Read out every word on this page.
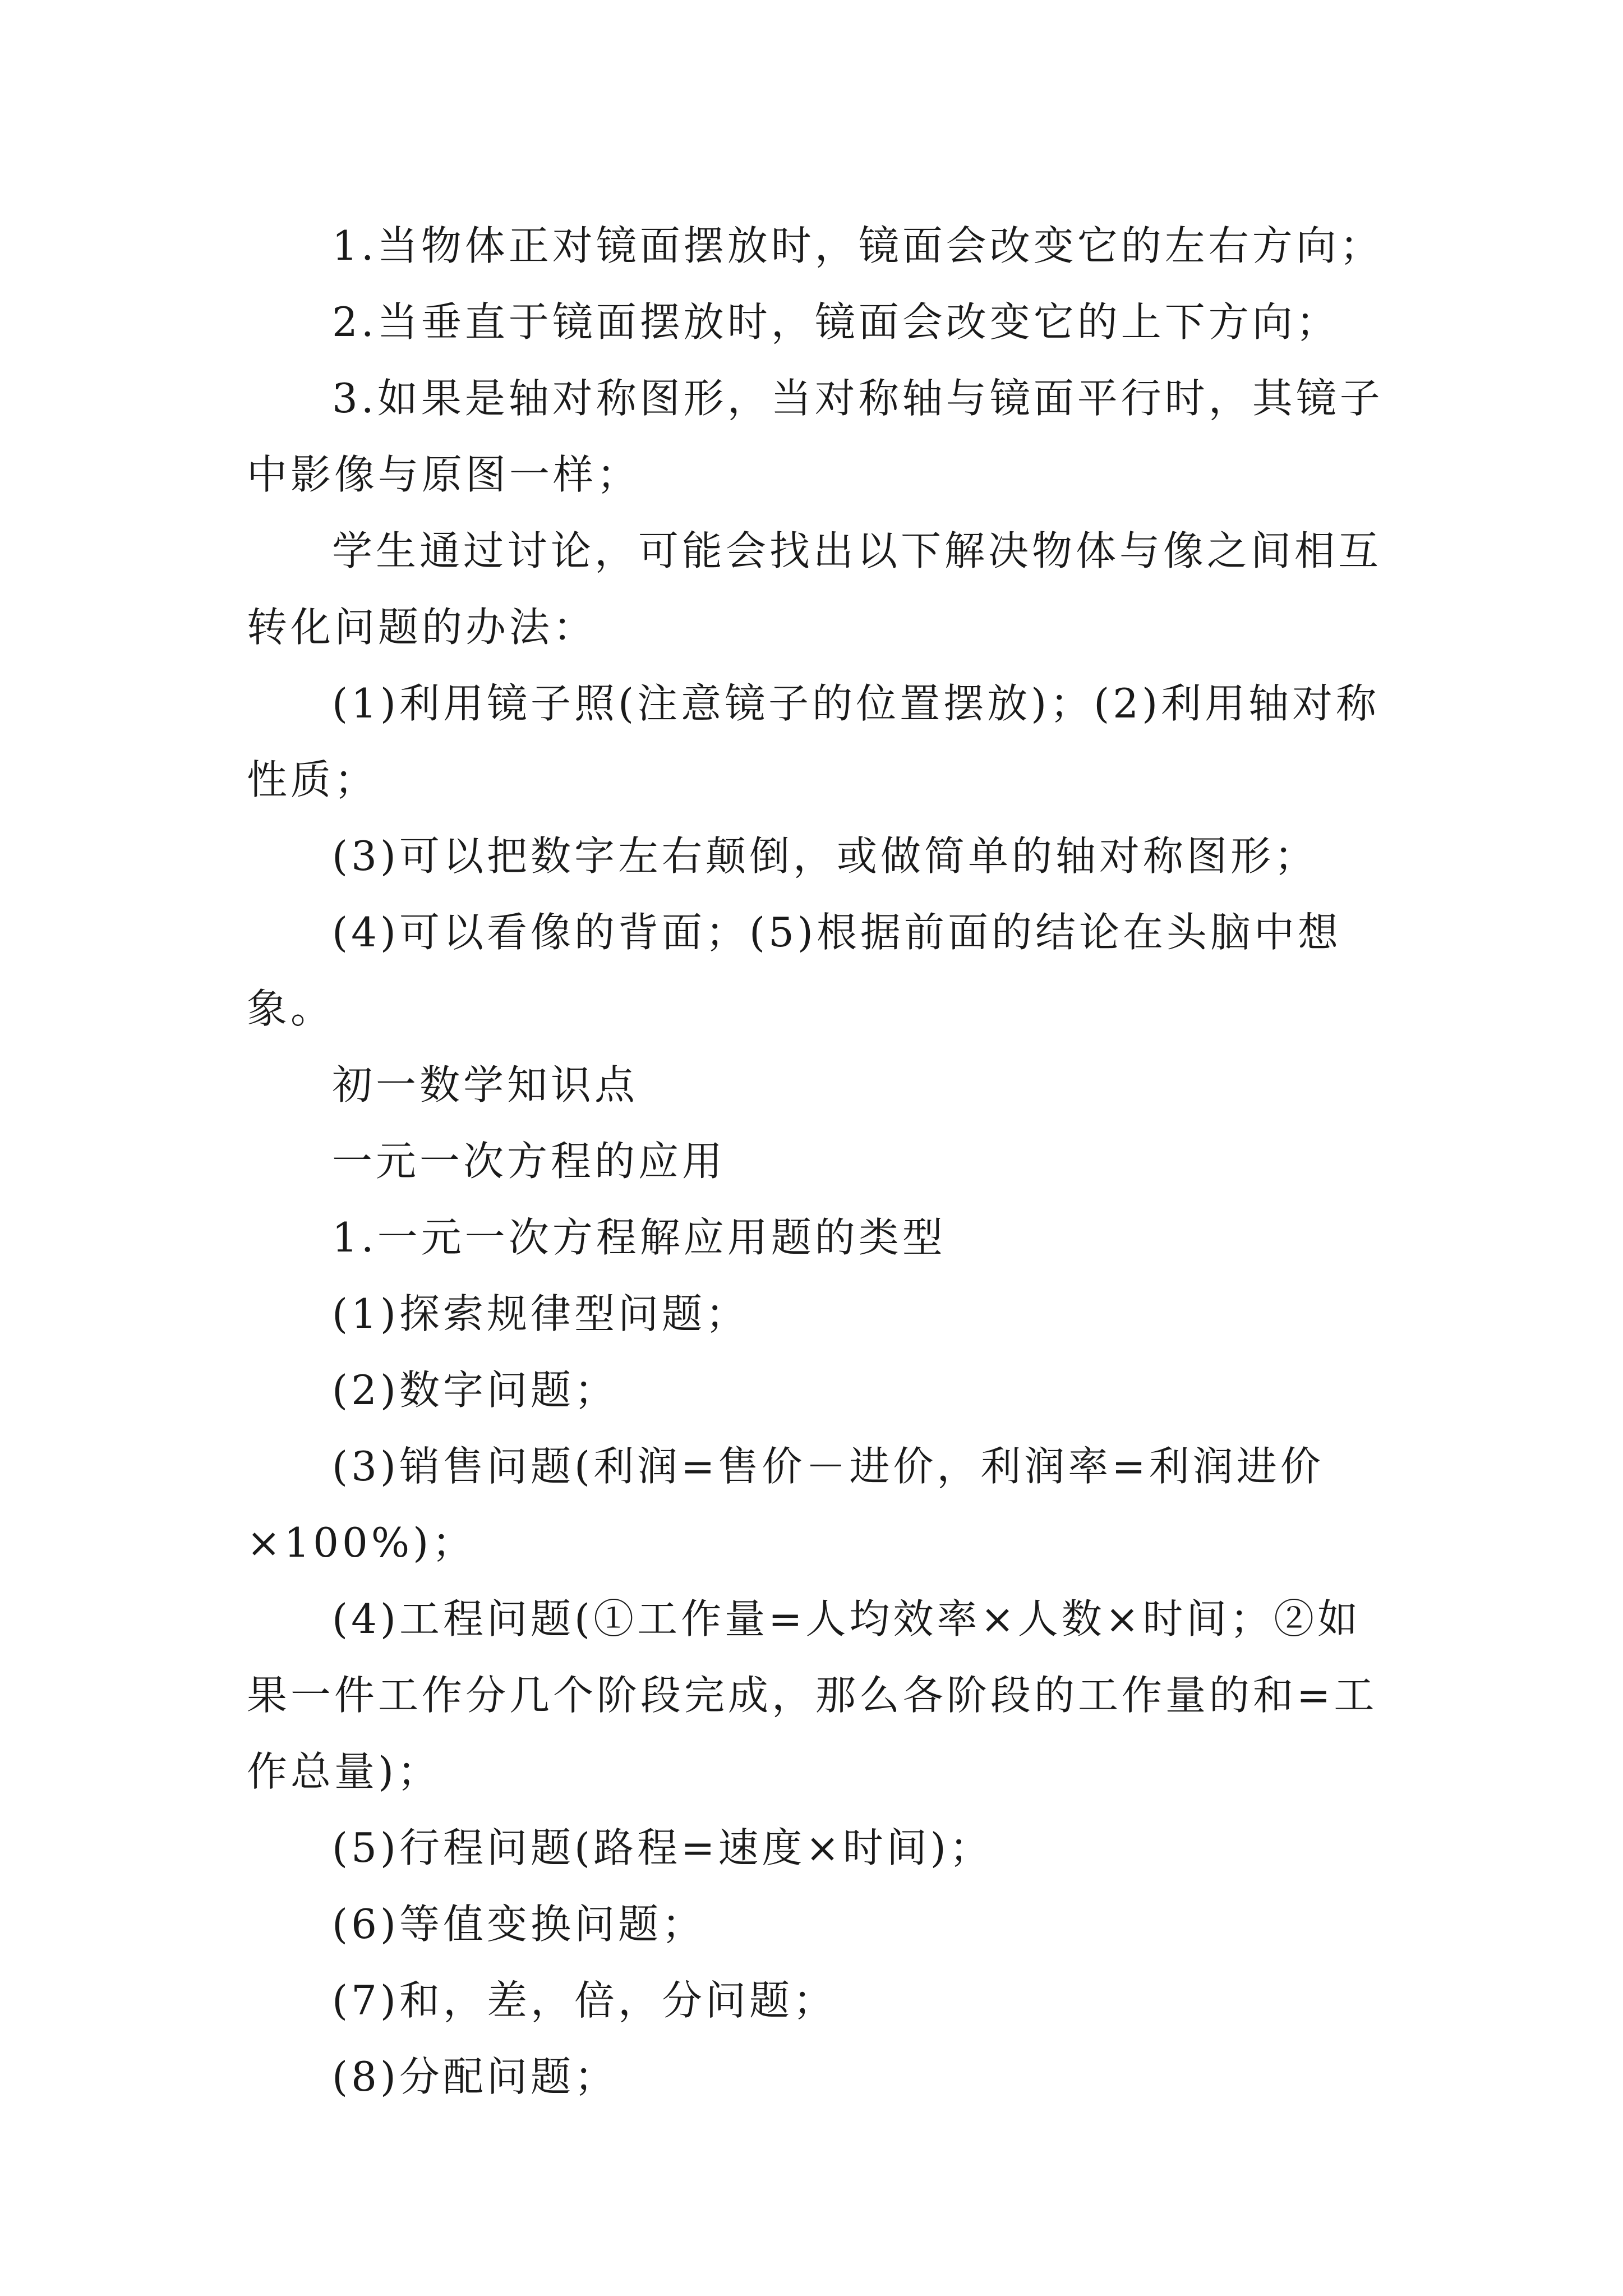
1.当物体正对镜面摆放时，镜面会改变它的左右方向；

2.当垂直于镜面摆放时，镜面会改变它的上下方向；

3.如果是轴对称图形，当对称轴与镜面平行时，其镜子中影像与原图一样；

学生通过讨论，可能会找出以下解决物体与像之间相互转化问题的办法：

(1)利用镜子照(注意镜子的位置摆放)；(2)利用轴对称性质；

(3)可以把数字左右颠倒，或做简单的轴对称图形；

(4)可以看像的背面；(5)根据前面的结论在头脑中想象。

初一数学知识点

一元一次方程的应用

1.一元一次方程解应用题的类型

(1)探索规律型问题；

(2)数字问题；

(3)销售问题(利润=售价－进价，利润率=利润进价×100%)；

(4)工程问题(①工作量=人均效率×人数×时间；②如果一件工作分几个阶段完成，那么各阶段的工作量的和=工作总量)；

(5)行程问题(路程=速度×时间)；

(6)等值变换问题；

(7)和，差，倍，分问题；

(8)分配问题；
